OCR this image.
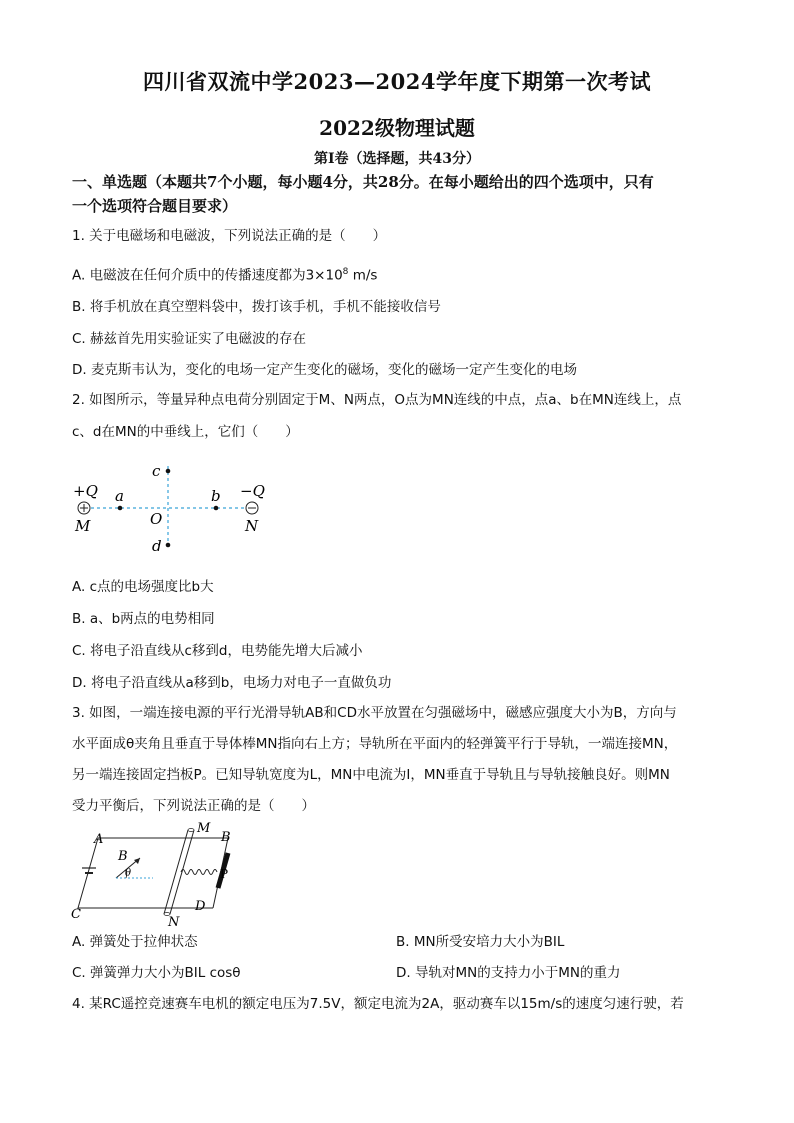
四川省双流中学2023—2024学年度下期第一次考试
2022级物理试题
第Ⅰ卷（选择题，共43分）
一、单选题（本题共7个小题，每小题4分，共28分。在每小题给出的四个选项中，只有
一个选项符合题目要求）
1. 关于电磁场和电磁波，下列说法正确的是（　　）
A. 电磁波在任何介质中的传播速度都为$3\times 10^8$ m/s
B. 将手机放在真空塑料袋中，拨打该手机，手机不能接收信号
C. 赫兹首先用实验证实了电磁波的存在
D. 麦克斯韦认为，变化的电场一定产生变化的磁场，变化的磁场一定产生变化的电场
2. 如图所示，等量异种点电荷分别固定于M、N两点，O点为MN连线的中点，点a、b在MN连线上，点
c、d在MN的中垂线上，它们（　　）
+Q	−Q
M	N
O
a	b
c
d
A. c点的电场强度比b大
B. a、b两点的电势相同
C. 将电子沿直线从c移到d，电势能先增大后减小
D. 将电子沿直线从a移到b，电场力对电子一直做负功
3. 如图，一端连接电源的平行光滑导轨AB和CD水平放置在匀强磁场中，磁感应强度大小为B，方向与
水平面成θ夹角且垂直于导体棒MN指向右上方；导轨所在平面内的轻弹簧平行于导轨，一端连接MN，
另一端连接固定挡板P。已知导轨宽度为L，MN中电流为I，MN垂直于导轨且与导轨接触良好。则MN
受力平衡后，下列说法正确的是（　　）
A	B
C
D
M
N
B
θ	P
A. 弹簧处于拉伸状态	B. MN所受安培力大小为BIL
C. 弹簧弹力大小为BIL cosθ	D. 导轨对MN的支持力小于MN的重力
4. 某RC遥控竞速赛车电机的额定电压为7.5V，额定电流为2A，驱动赛车以15m/s的速度匀速行驶，若
